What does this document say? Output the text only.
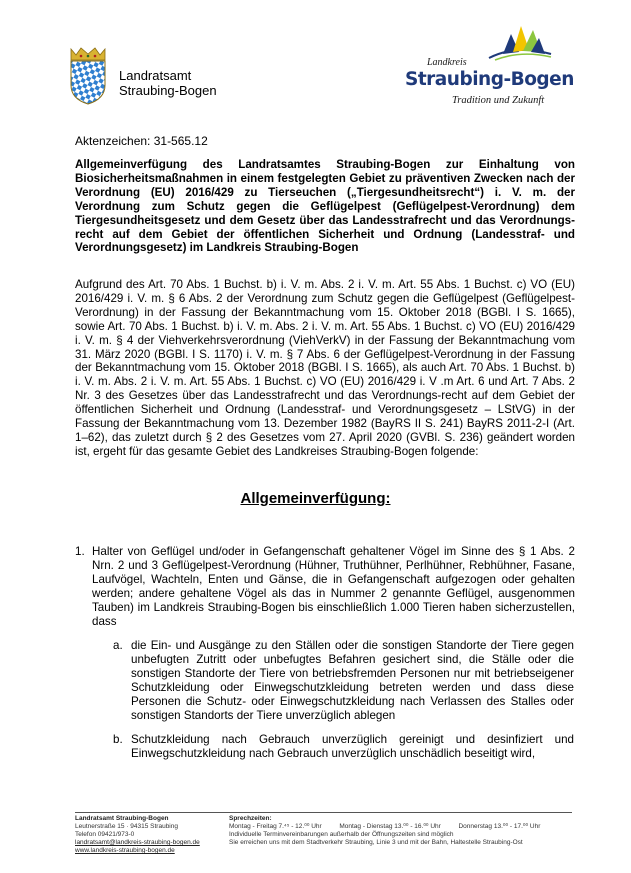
Landratsamt
Straubing-Bogen
Landkreis
Straubing-Bogen
Tradition und Zukunft
Aktenzeichen: 31-565.12
Allgemeinverfügung des Landratsamtes Straubing-Bogen zur Einhaltung von Biosicherheitsmaßnahmen in einem festgelegten Gebiet zu präventiven Zwecken nach der Verordnung (EU) 2016/429 zu Tierseuchen („Tiergesundheitsrecht“) i. V. m. der Verordnung zum Schutz gegen die Geflügelpest (Geflügelpest-Verordnung) dem Tiergesundheitsgesetz und dem Gesetz über das Landesstrafrecht und das Verordnungs-recht auf dem Gebiet der öffentlichen Sicherheit und Ordnung (Landesstraf- und Verordnungsgesetz) im Landkreis Straubing-Bogen
Aufgrund des Art. 70 Abs. 1 Buchst. b) i. V. m. Abs. 2 i. V. m. Art. 55 Abs. 1 Buchst. c) VO (EU) 2016/429 i. V. m. § 6 Abs. 2 der Verordnung zum Schutz gegen die Geflügelpest (Geflügelpest-Verordnung) in der Fassung der Bekanntmachung vom 15. Oktober 2018 (BGBl. I S. 1665), sowie Art. 70 Abs. 1 Buchst. b) i. V. m. Abs. 2 i. V. m. Art. 55 Abs. 1 Buchst. c) VO (EU) 2016/429 i. V. m. § 4 der Viehverkehrsverordnung (ViehVerkV) in der Fassung der Bekanntmachung vom 31. März 2020 (BGBl. I S. 1170) i. V. m. § 7 Abs. 6 der Geflügelpest-Verordnung in der Fassung der Bekanntmachung vom 15. Oktober 2018 (BGBl. I S. 1665), als auch Art. 70 Abs. 1 Buchst. b) i. V. m. Abs. 2 i. V. m. Art. 55 Abs. 1 Buchst. c) VO (EU) 2016/429 i. V .m Art. 6 und Art. 7 Abs. 2 Nr. 3 des Gesetzes über das Landesstrafrecht und das Verordnungs-recht auf dem Gebiet der öffentlichen Sicherheit und Ordnung (Landesstraf- und Verordnungsgesetz – LStVG) in der Fassung der Bekanntmachung vom 13. Dezember 1982 (BayRS II S. 241) BayRS 2011-2-I (Art. 1–62), das zuletzt durch § 2 des Gesetzes vom 27. April 2020 (GVBl. S. 236) geändert worden ist, ergeht für das gesamte Gebiet des Landkreises Straubing-Bogen folgende:
Allgemeinverfügung:
1. Halter von Geflügel und/oder in Gefangenschaft gehaltener Vögel im Sinne des § 1 Abs. 2 Nrn. 2 und 3 Geflügelpest-Verordnung (Hühner, Truthühner, Perlhühner, Rebhühner, Fasane, Laufvögel, Wachteln, Enten und Gänse, die in Gefangenschaft aufgezogen oder gehalten werden; andere gehaltene Vögel als das in Nummer 2 genannte Geflügel, ausgenommen Tauben) im Landkreis Straubing-Bogen bis einschließlich 1.000 Tieren haben sicherzustellen, dass
a. die Ein- und Ausgänge zu den Ställen oder die sonstigen Standorte der Tiere gegen unbefugten Zutritt oder unbefugtes Befahren gesichert sind, die Ställe oder die sonstigen Standorte der Tiere von betriebsfremden Personen nur mit betriebseigener Schutzkleidung oder Einwegschutzkleidung betreten werden und dass diese Personen die Schutz- oder Einwegschutzkleidung nach Verlassen des Stalles oder sonstigen Standorts der Tiere unverzüglich ablegen
b. Schutzkleidung nach Gebrauch unverzüglich gereinigt und desinfiziert und Einwegschutzkleidung nach Gebrauch unverzüglich unschädlich beseitigt wird,
Landratsamt Straubing-Bogen
Leutnerstraße 15 · 94315 Straubing
Telefon 09421/973-0
landratsamt@landkreis-straubing-bogen.de
www.landkreis-straubing-bogen.de
Sprechzeiten:
Montag - Freitag 7.⁴⁵ - 12.⁰⁰ Uhr	Montag - Dienstag 13.⁰⁰ - 16.⁰⁰ Uhr	Donnerstag 13.⁰⁰ - 17.⁰⁰ Uhr
Individuelle Terminvereinbarungen außerhalb der Öffnungszeiten sind möglich
Sie erreichen uns mit dem Stadtverkehr Straubing, Linie 3 und mit der Bahn, Haltestelle Straubing-Ost
